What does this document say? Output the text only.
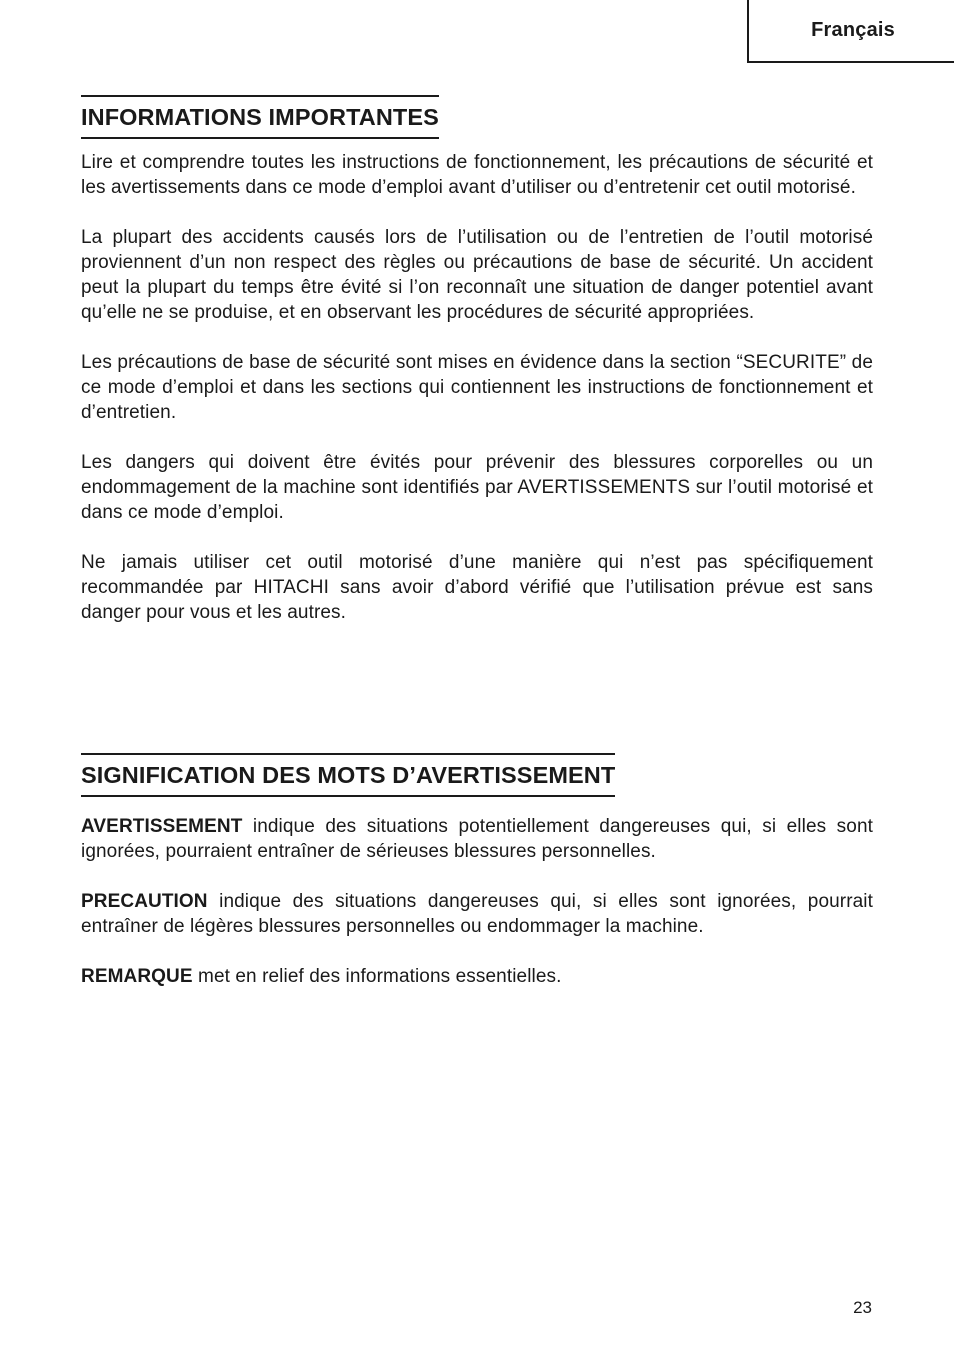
Français
INFORMATIONS IMPORTANTES

Lire et comprendre toutes les instructions de fonctionnement, les précautions de sécurité et les avertissements dans ce mode d’emploi avant d’utiliser ou d’entretenir cet outil motorisé.

La plupart des accidents causés lors de l’utilisation ou de l’entretien de l’outil motorisé proviennent d’un non respect des règles ou précautions de base de sécurité. Un accident peut la plupart du temps être évité si l’on reconnaît une situation de danger potentiel avant qu’elle ne se produise, et en observant les procédures de sécurité appropriées.

Les précautions de base de sécurité sont mises en évidence dans la section “SECURITE” de ce mode d’emploi et dans les sections qui contiennent les instructions de fonctionnement et d’entretien.

Les dangers qui doivent être évités pour prévenir des blessures corporelles ou un endommagement de la machine sont identifiés par AVERTISSEMENTS sur l’outil motorisé et dans ce mode d’emploi.

Ne jamais utiliser cet outil motorisé d’une manière qui n’est pas spécifiquement recommandée par HITACHI sans avoir d’abord vérifié que l’utilisation prévue est sans danger pour vous et les autres.

SIGNIFICATION DES MOTS D’AVERTISSEMENT

AVERTISSEMENT indique des situations potentiellement dangereuses qui, si elles sont ignorées, pourraient entraîner de sérieuses blessures personnelles.

PRECAUTION indique des situations dangereuses qui, si elles sont ignorées, pourrait entraîner de légères blessures personnelles ou endommager la machine.

REMARQUE met en relief des informations essentielles.

23
